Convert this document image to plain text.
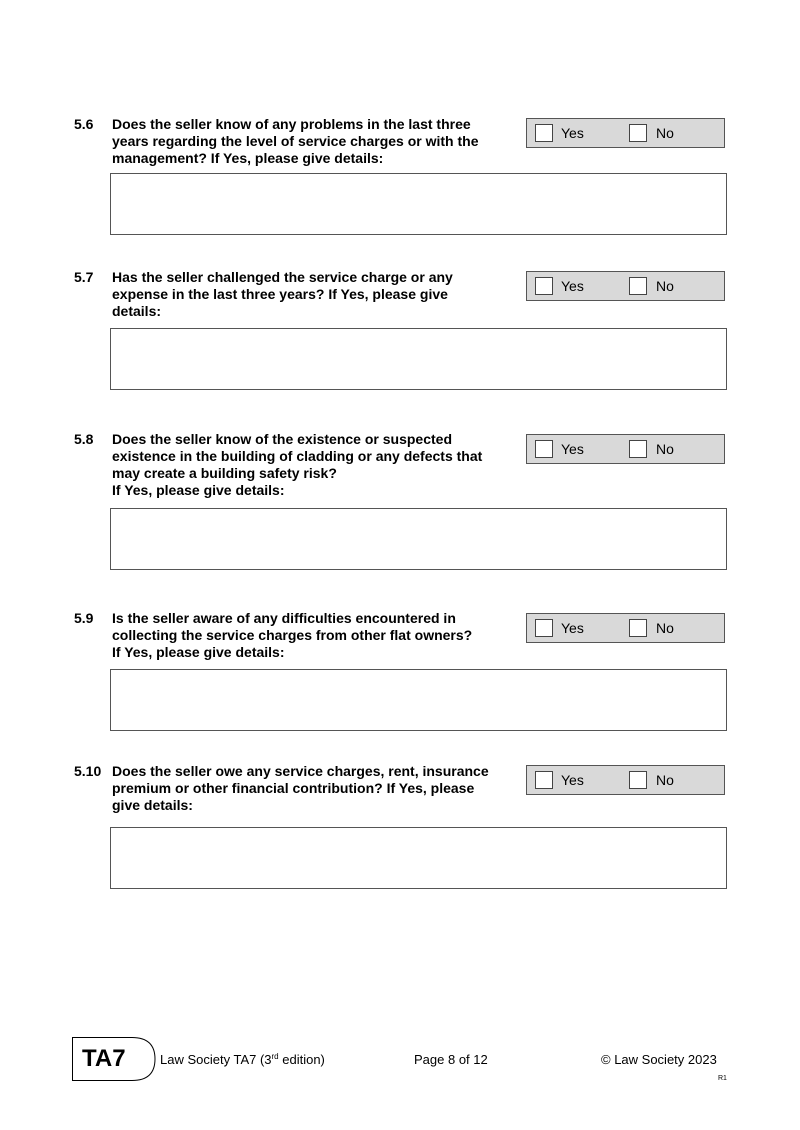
5.6 Does the seller know of any problems in the last three
years regarding the level of service charges or with the
management? If Yes, please give details:
Yes	No
5.7 Has the seller challenged the service charge or any
expense in the last three years? If Yes, please give
details:
Yes	No
5.8 Does the seller know of the existence or suspected
existence in the building of cladding or any defects that
may create a building safety risk?
If Yes, please give details:
Yes	No
5.9 Is the seller aware of any difficulties encountered in
collecting the service charges from other flat owners?
If Yes, please give details:
Yes	No
5.10 Does the seller owe any service charges, rent, insurance
premium or other financial contribution? If Yes, please
give details:
Yes	No
TA7	Law Society TA7 (3rd edition)	Page 8 of 12	© Law Society 2023
R1
